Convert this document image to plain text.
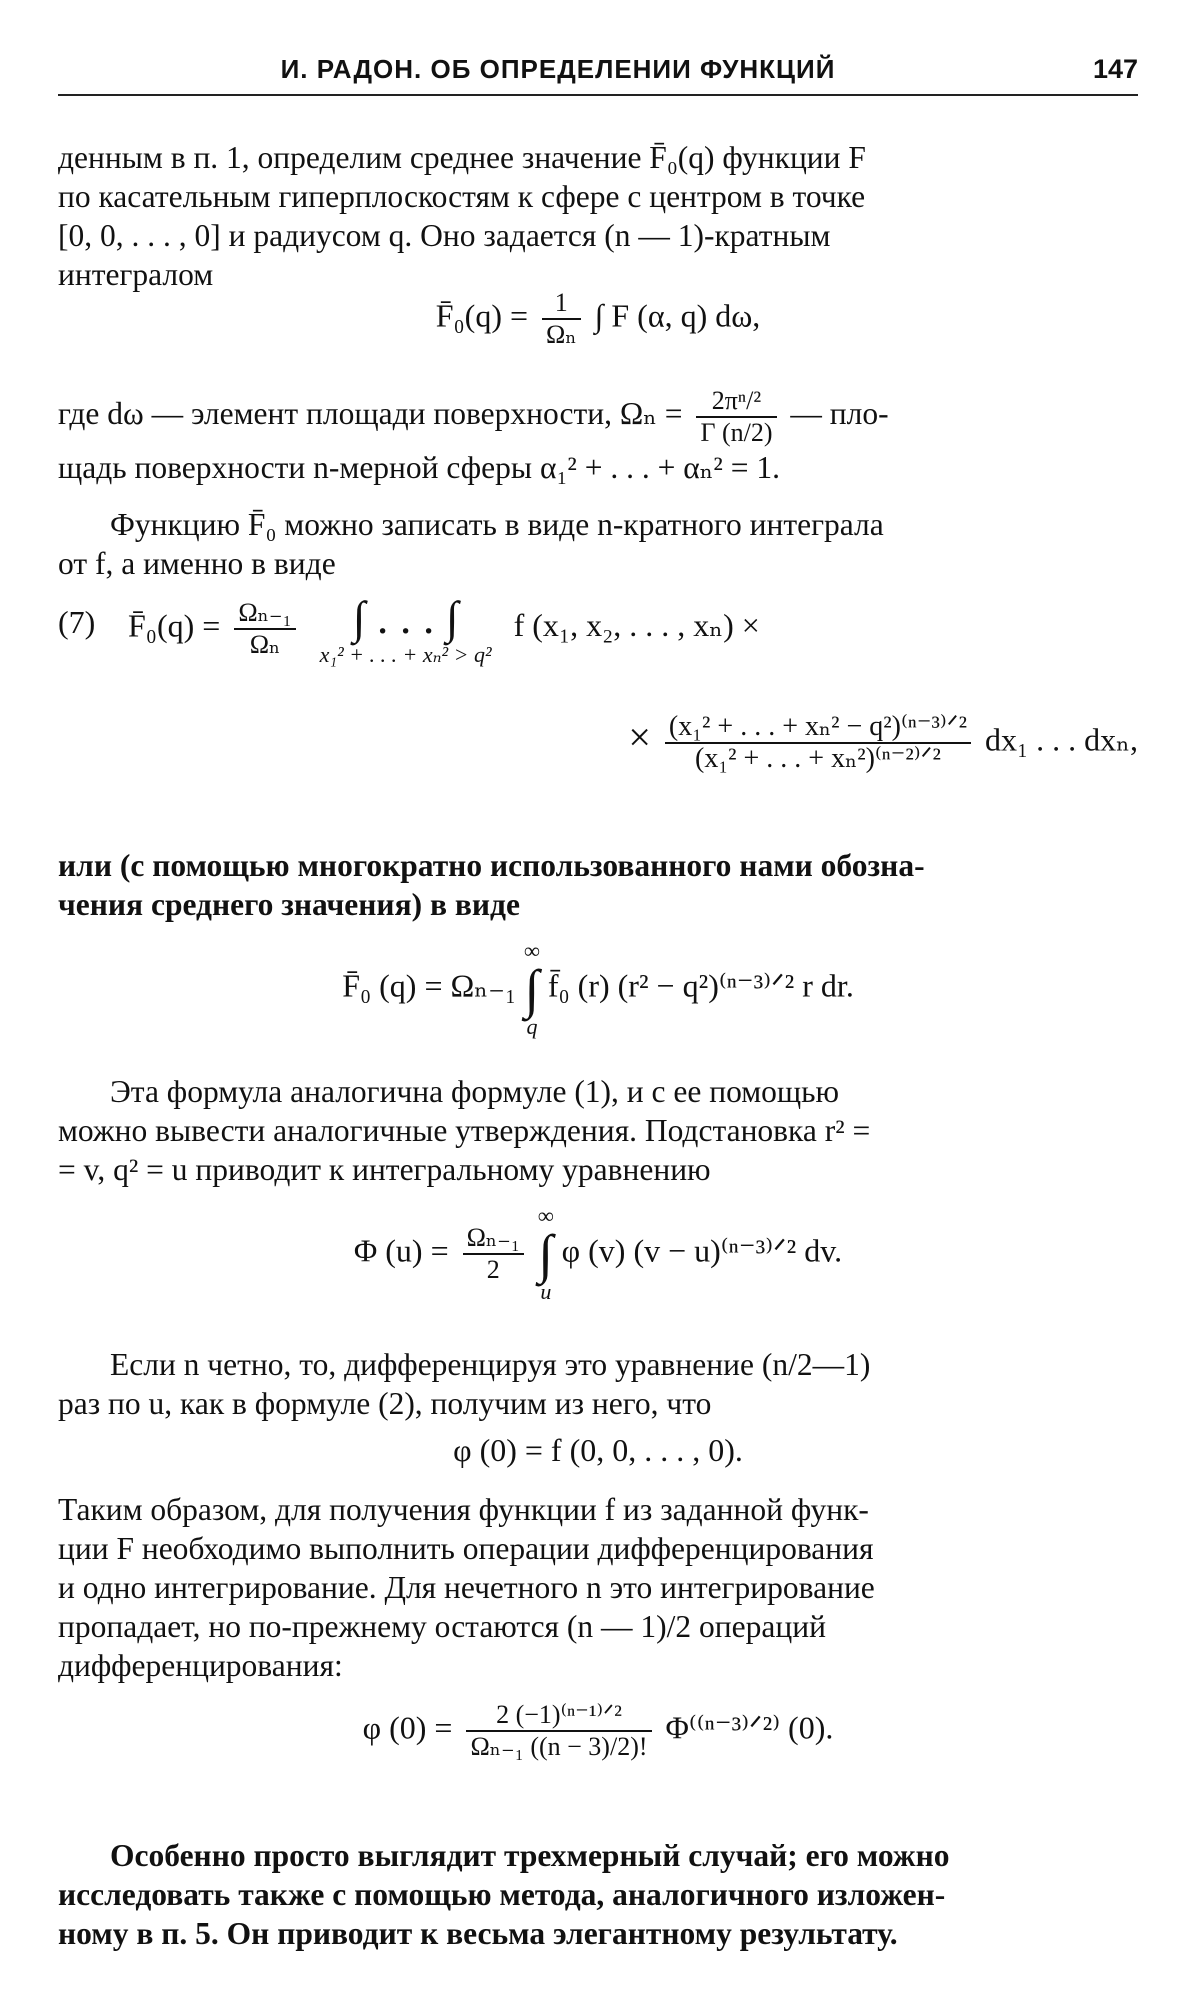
И. РАДОН. ОБ ОПРЕДЕЛЕНИИ ФУНКЦИЙ	147

денным в п. 1, определим среднее значение F̄₀(q) функции F

по касательным гиперплоскостям к сфере с центром в точке

[0, 0, . . . , 0] и радиусом q. Оно задается (n — 1)-кратным

интегралом

F̄₀(q) = $\frac{1}{\text{Ωₙ}}$ ∫ F (α, q) dω,

где dω — элемент площади поверхности, $\Omega_n = \frac{\text{2πⁿ/²}}{\Gamma (n/2)}$ — пло-

щадь поверхности n-мерной сферы α₁² + . . . + αₙ² = 1.

Функцию F̄₀ можно записать в виде n-кратного интеграла

от f, а именно в виде

(7) F̄₀(q) = $\frac{\text{Ωₙ₋₁}}{\text{Ωₙ}}$
	∫ . . . ∫
x₁² + . . . + xₙ² > q²
f (x₁, x₂, . . . , xₙ) ×
× $\frac{\text{(x₁² + . . . + xₙ² − q²)⁽ⁿ⁻³⁾ᐟ²}}{\text{(x₁² + . . . + xₙ²)⁽ⁿ⁻²⁾ᐟ²}} dx_1$ . . . dxₙ,

или (с помощью многократно использованного нами обозна-

чения среднего значения) в виде

F̄₀ (q) = Ωₙ₋₁
∞
∫
q
f̄₀ (r) (r² − q²)⁽ⁿ⁻³⁾ᐟ² r dr.

Эта формула аналогична формуле (1), и с ее помощью

можно вывести аналогичные утверждения. Подстановка r² =

= v, q² = u приводит к интегральному уравнению

Φ $(u) = \frac{\text{Ωₙ₋₁}}{2}$

∞
∫
u
φ (v) (v − u)⁽ⁿ⁻³⁾ᐟ² dv.

Если n четно, то, дифференцируя это уравнение (n/2—1)

раз по u, как в формуле (2), получим из него, что

φ (0) = f (0, 0, . . . , 0).

Таким образом, для получения функции f из заданной функ-

ции F необходимо выполнить операции дифференцирования

и одно интегрирование. Для нечетного n это интегрирование

пропадает, но по-прежнему остаются (n — 1)/2 операций

дифференцирования:

φ $(0) = \frac{\text{2 (−1)⁽ⁿ⁻¹⁾ᐟ²}}{\text{Ωₙ₋₁ ((n − 3)/2)!}}$ Φ⁽⁽ⁿ⁻³⁾ᐟ²⁾ (0).

Особенно просто выглядит трехмерный случай; его можно

исследовать также с помощью метода, аналогичного изложен-

ному в п. 5. Он приводит к весьма элегантному результату.
